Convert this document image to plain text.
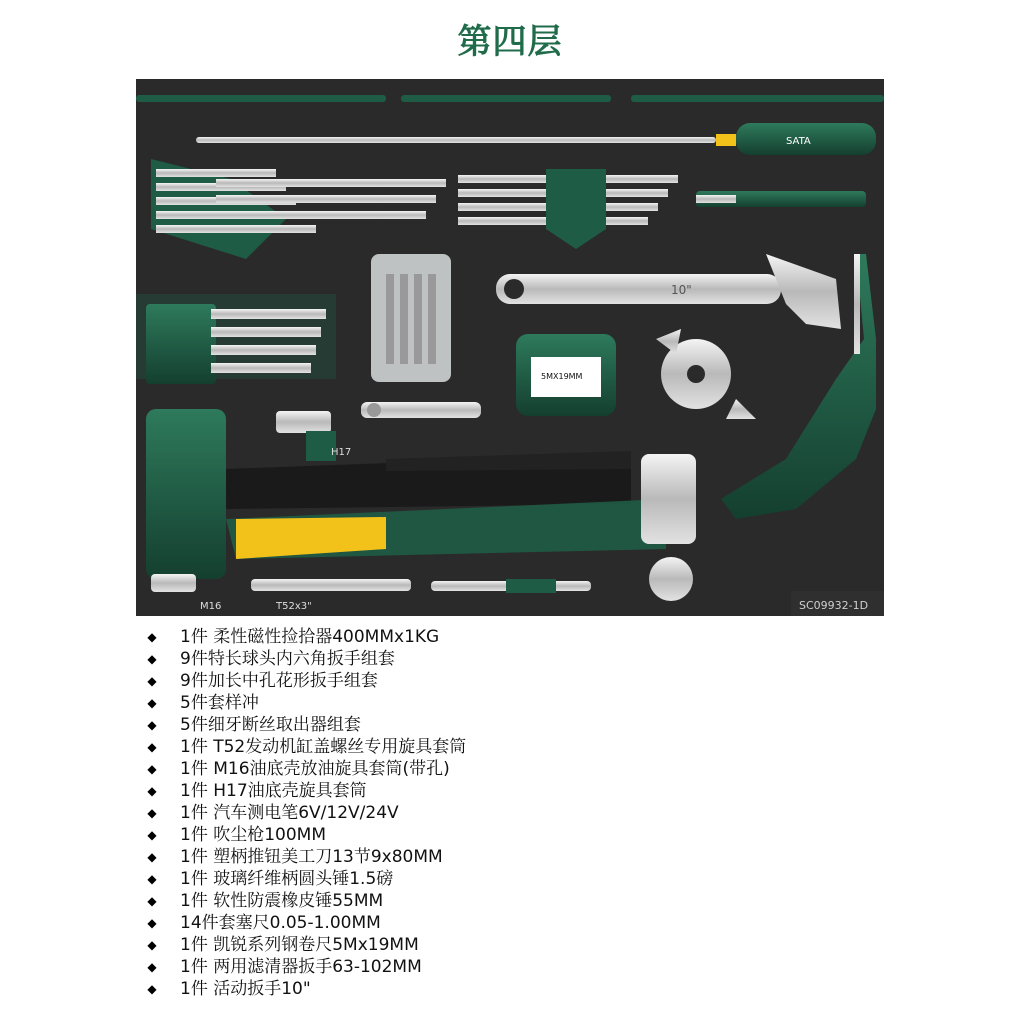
第四层
SATA
10"
5MX19MM
H17
M16	T52x3"	SC09932-1D
◆ 1件 柔性磁性捡拾器400MMx1KG
◆ 9件特长球头内六角扳手组套
◆ 9件加长中孔花形扳手组套
◆ 5件套样冲
◆ 5件细牙断丝取出器组套
◆ 1件 T52发动机缸盖螺丝专用旋具套筒
◆ 1件 M16油底壳放油旋具套筒(带孔)
◆ 1件 H17油底壳旋具套筒
◆ 1件 汽车测电笔6V/12V/24V
◆ 1件 吹尘枪100MM
◆ 1件 塑柄推钮美工刀13节9x80MM
◆ 1件 玻璃纤维柄圆头锤1.5磅
◆ 1件 软性防震橡皮锤55MM
◆ 14件套塞尺0.05-1.00MM
◆ 1件 凯锐系列钢卷尺5Mx19MM
◆ 1件 两用滤清器扳手63-102MM
◆ 1件 活动扳手10"
